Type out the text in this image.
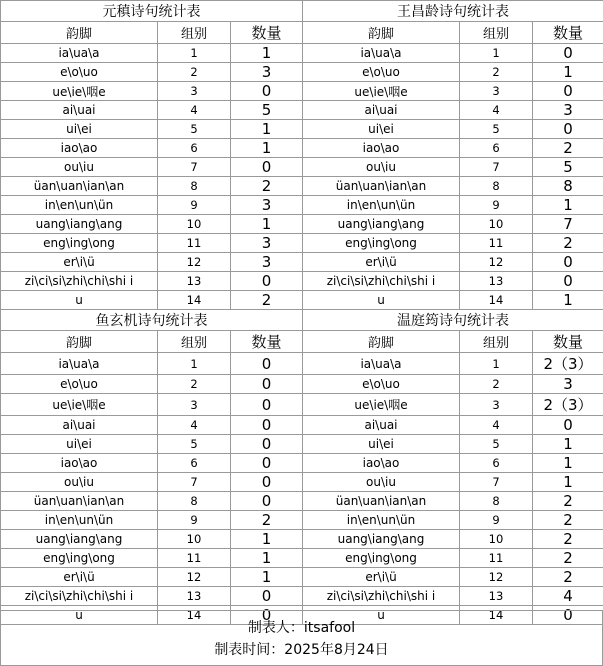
元稹诗句统计表			王昌龄诗句统计表		
韵脚	组别	数量	韵脚	组别	数量
ia\ua\a	1	1	ia\ua\a	1	0
e\o\uo	2	3	e\o\uo	2	1
ue\ie\咽e	3	0	ue\ie\咽e	3	0
ai\uai	4	5	ai\uai	4	3
ui\ei	5	1	ui\ei	5	0
iao\ao	6	1	iao\ao	6	2
ou\iu	7	0	ou\iu	7	5
üan\uan\ian\an	8	2	üan\uan\ian\an	8	8
in\en\un\ün	9	3	in\en\un\ün	9	1
uang\iang\ang	10	1	uang\iang\ang	10	7
eng\ing\ong	11	3	eng\ing\ong	11	2
er\i\ü	12	3	er\i\ü	12	0
zi\ci\si\zhi\chi\shi i	13	0	zi\ci\si\zhi\chi\shi i	13	0
u	14	2	u	14	1
鱼玄机诗句统计表			温庭筠诗句统计表		
韵脚	组别	数量	韵脚	组别	数量
ia\ua\a	1	0	ia\ua\a	1	2（3）
e\o\uo	2	0	e\o\uo	2	3
ue\ie\咽e	3	0	ue\ie\咽e	3	2（3）
ai\uai	4	0	ai\uai	4	0
ui\ei	5	0	ui\ei	5	1
iao\ao	6	0	iao\ao	6	1
ou\iu	7	0	ou\iu	7	1
üan\uan\ian\an	8	0	üan\uan\ian\an	8	2
in\en\un\ün	9	2	in\en\un\ün	9	2
uang\iang\ang	10	1	uang\iang\ang	10	2
eng\ing\ong	11	1	eng\ing\ong	11	2
er\i\ü	12	1	er\i\ü	12	2
zi\ci\si\zhi\chi\shi i	13	0	zi\ci\si\zhi\chi\shi i	13	4
u	14	0	u	14	0
制表人：itsafool
制表时间：2025年8月24日
